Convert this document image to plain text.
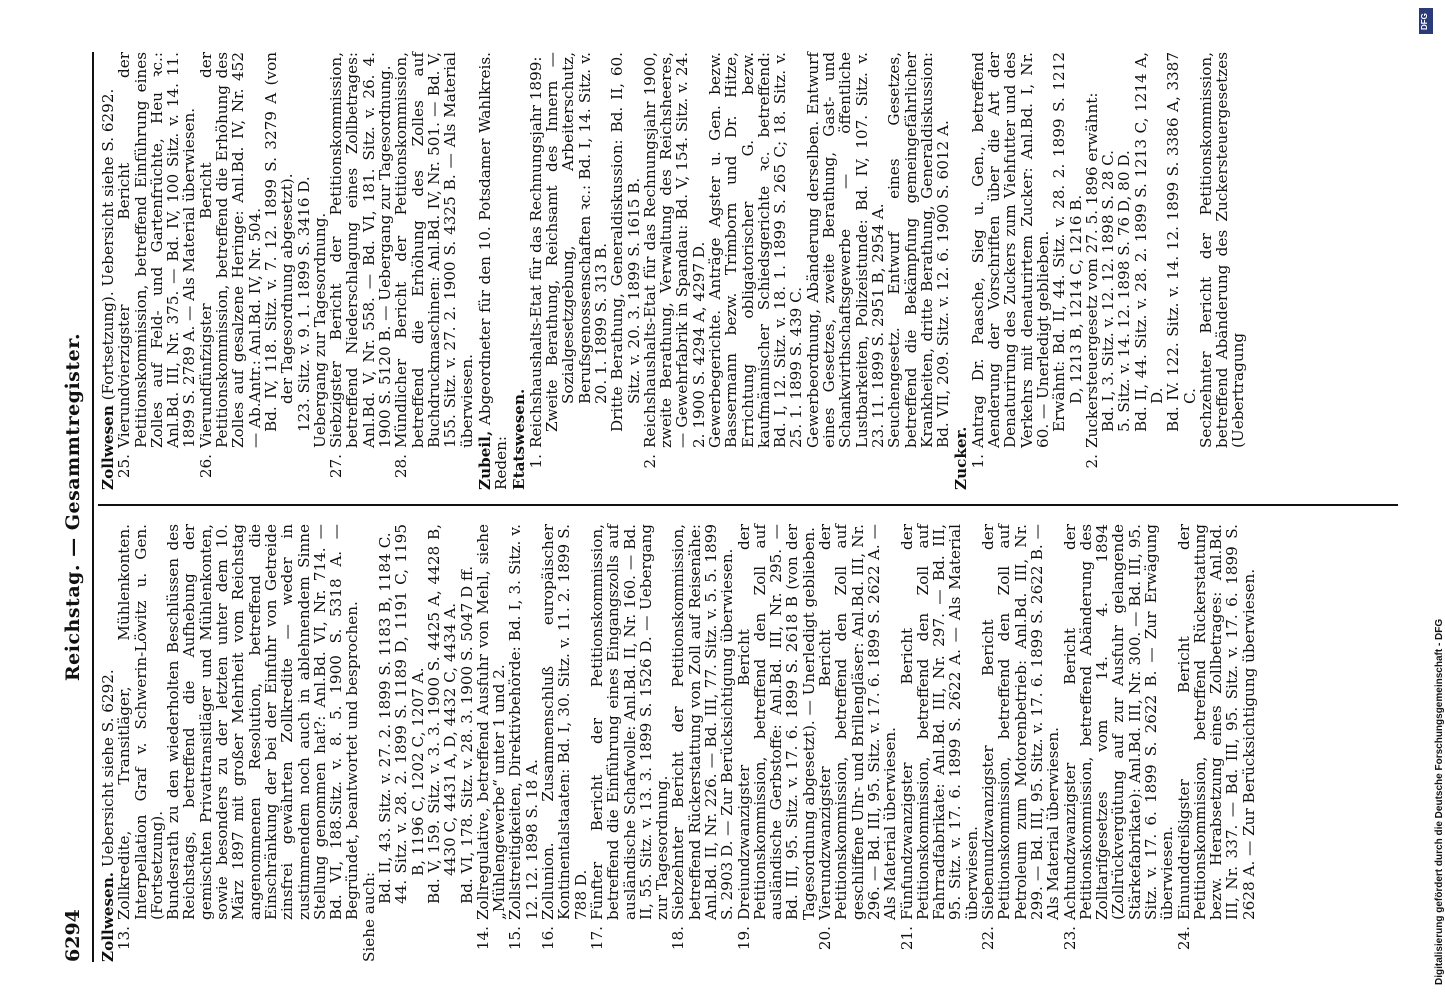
6294
Reichstag. — Gesammtregister.

Zollwesen. Uebersicht siehe S. 6292.

13.
Zollkredite, Transitläger, Mühlenkonten. Interpellation Graf v. Schwerin-Löwitz u. Gen. (Fortsetzung).

Bundesrath zu den wiederholten Beschlüssen des Reichstags, betreffend die Aufhebung der gemischten Privattransitläger und Mühlenkonten, sowie besonders zu der letzten unter dem 10. März 1897 mit großer Mehrheit vom Reichstag angenommenen Resolution, betreffend die Einschränkung der bei der Einfuhr von Getreide zinsfrei gewährten Zollkredite — weder in zustimmendem noch auch in ablehnendem Sinne Stellung genommen hat?: Anl.Bd. VI, Nr. 714. — Bd. VI, 188.Sitz. v. 8. 5. 1900 S. 5318 A. — Begründet, beantwortet und besprochen.

Siehe auch:

Bd. II, 43. Sitz. v. 27. 2. 1899 S. 1183 B, 1184 C.

44. Sitz. v. 28. 2. 1899 S. 1189 D, 1191 C, 1195 B, 1196 C, 1202 C, 1207 A.

Bd. V, 159. Sitz. v. 3. 3. 1900 S. 4425 A, 4428 B, 4430 C, 4431 A, D, 4432 C, 4434 A.

Bd. VI, 178. Sitz. v. 28. 3. 1900 S. 5047 D ff.

14.
Zollregulative, betreffend Ausfuhr von Mehl, siehe „Mühlengewerbe“ unter 1 und 2.
15.
Zollstreitigkeiten, Direktivbehörde: Bd. I, 3. Sitz. v. 12. 12. 1898 S. 18 A.
16.
Zollunion. Zusammenschluß europäischer Kontinentalstaaten: Bd. I, 30. Sitz. v. 11. 2. 1899 S. 788 D.
17.
Fünfter Bericht der Petitionskommission, betreffend die Einführung eines Eingangszolls auf ausländische Schafwolle: Anl.Bd. II, Nr. 160. — Bd. II, 55. Sitz. v. 13. 3. 1899 S. 1526 D. — Uebergang zur Tagesordnung.
18.
Siebzehnter Bericht der Petitionskommission, betreffend Rückerstattung von Zoll auf Reisenähe: Anl.Bd. II, Nr. 226. — Bd. III, 77. Sitz. v. 5. 5. 1899 S. 2903 D. — Zur Berücksichtigung überwiesen.
19.
Dreiundzwanzigster Bericht der Petitionskommission, betreffend den Zoll auf ausländische Gerbstoffe: Anl.Bd. III, Nr. 295. — Bd. III, 95. Sitz. v. 17. 6. 1899 S. 2618 B (von der Tagesordnung abgesetzt). — Unerledigt geblieben.
20.
Vierundzwanzigster Bericht der Petitionskommission, betreffend den Zoll auf geschliffene Uhr- und Brillengläser: Anl.Bd. III, Nr. 296. — Bd. III, 95. Sitz. v. 17. 6. 1899 S. 2622 A. — Als Material überwiesen.
21.
Fünfundzwanzigster Bericht der Petitionskommission, betreffend den Zoll auf Fahrradfabrikate: Anl.Bd. III, Nr. 297. — Bd. III, 95. Sitz. v. 17. 6. 1899 S. 2622 A. — Als Material überwiesen.
22.
Siebenundzwanzigster Bericht der Petitionskommission, betreffend den Zoll auf Petroleum zum Motorenbetrieb: Anl.Bd. III, Nr. 299. — Bd. III, 95. Sitz. v. 17. 6. 1899 S. 2622 B. — Als Material überwiesen.
23.
Achtundzwanzigster Bericht der Petitionskommission, betreffend Abänderung des Zolltarifgesetzes vom 14. 4. 1894 (Zollrückvergütung auf zur Ausfuhr gelangende Stärkefabrikate): Anl.Bd. III, Nr. 300. — Bd. III, 95. Sitz. v. 17. 6. 1899 S. 2622 B. — Zur Erwägung überwiesen.
24.
Einunddreißigster Bericht der Petitionskommission, betreffend Rückerstattung bezw. Herabsetzung eines Zollbetrages: Anl.Bd. III, Nr. 337. — Bd. III, 95. Sitz. v. 17. 6. 1899 S. 2628 A. — Zur Berücksichtigung überwiesen.

Zollwesen (Fortsetzung). Uebersicht siehe S. 6292.

25.
Vierundvierzigster Bericht der Petitionskommission, betreffend Einführung eines Zolles auf Feld- und Gartenfrüchte, Heu ꝛc.: Anl.Bd. III, Nr. 375. — Bd. IV, 100 Sitz. v. 14. 11. 1899 S. 2789 A. — Als Material überwiesen.
26.
Vierundfünfzigster Bericht der Petitionskommission, betreffend die Erhöhung des Zolles auf gesalzene Heringe: Anl.Bd. IV, Nr. 452 — Ab.Antr.: Anl.Bd. IV, Nr. 504.

Bd. IV, 118. Sitz. v. 7. 12. 1899 S. 3279 A (von der Tagesordnung abgesetzt).

123. Sitz. v. 9. 1. 1899 S. 3416 D.

Uebergang zur Tagesordnung.

27.
Siebzigster Bericht der Petitionskommission, betreffend Niederschlagung eines Zollbetrages: Anl.Bd. V, Nr. 558. — Bd. VI, 181. Sitz. v. 26. 4. 1900 S. 5120 B. — Uebergang zur Tagesordnung.
28.
Mündlicher Bericht der Petitionskommission, betreffend die Erhöhung des Zolles auf Buchdruckmaschinen: Anl.Bd. IV, Nr. 501. — Bd. V, 155. Sitz. v. 27. 2. 1900 S. 4325 B. — Als Material überwiesen.

Zubeil, Abgeordneter für den 10. Potsdamer Wahlkreis. Reden: Etatswesen.

1.
Reichshaushalts-Etat für das Rechnungsjahr 1899:

Zweite Berathung, Reichsamt des Innern — Sozialgesetzgebung, Arbeiterschutz, Berufsgenossenschaften ꝛc.: Bd. I, 14. Sitz. v. 20. 1. 1899 S. 313 B.

Dritte Berathung, Generaldiskussion: Bd. II, 60. Sitz. v. 20. 3. 1899 S. 1615 B.

2.
Reichshaushalts-Etat für das Rechnungsjahr 1900, zweite Berathung, Verwaltung des Reichsheeres, — Gewehrfabrik in Spandau: Bd. V, 154. Sitz. v. 24. 2. 1900 S. 4294 A, 4297 D.

Gewerbegerichte. Anträge Agster u. Gen. bezw. Bassermann bezw. Trimborn und Dr. Hitze, Errichtung obligatorischer G. bezw. kaufmännischer Schiedsgerichte ꝛc. betreffend: Bd. I, 12. Sitz. v. 18. 1. 1899 S. 265 C; 18. Sitz. v. 25. 1. 1899 S. 439 C.

Gewerbeordnung, Abänderung derselben. Entwurf eines Gesetzes, zweite Berathung, Gast- und Schankwirthschaftsgewerbe — öffentliche Lustbarkeiten, Polizeistunde: Bd. IV, 107. Sitz. v. 23. 11. 1899 S. 2951 B, 2954 A.

Seuchengesetz. Entwurf eines Gesetzes, betreffend die Bekämpfung gemeingefährlicher Krankheiten, dritte Berathung, Generaldiskussion: Bd. VII, 209. Sitz. v. 12. 6. 1900 S. 6012 A.

Zucker.

1.
Antrag Dr. Paasche, Sieg u. Gen., betreffend Aenderung der Vorschriften über die Art der Denaturirung des Zuckers zum Viehfutter und des Verkehrs mit denaturirtem Zucker: Anl.Bd. I, Nr. 60. — Unerledigt geblieben.

Erwähnt: Bd. II, 44. Sitz. v. 28. 2. 1899 S. 1212 D, 1213 B, 1214 C, 1216 B.

2.
Zuckersteuergesetz vom 27. 5. 1896 erwähnt:

Bd. I, 3. Sitz. v. 12. 12. 1898 S. 28 C.

5. Sitz. v. 14. 12. 1898 S. 76 D, 80 D.

Bd. II, 44. Sitz. v. 28. 2. 1899 S. 1213 C, 1214 A, D.

Bd. IV. 122. Sitz. v. 14. 12. 1899 S. 3386 A, 3387 C.

Sechzehnter Bericht der Petitionskommission, betreffend Abänderung des Zuckersteuergesetzes (Uebertragung

Digitalisierung gefördert durch die Deutsche Forschungsgemeinschaft - DFG
DFG
